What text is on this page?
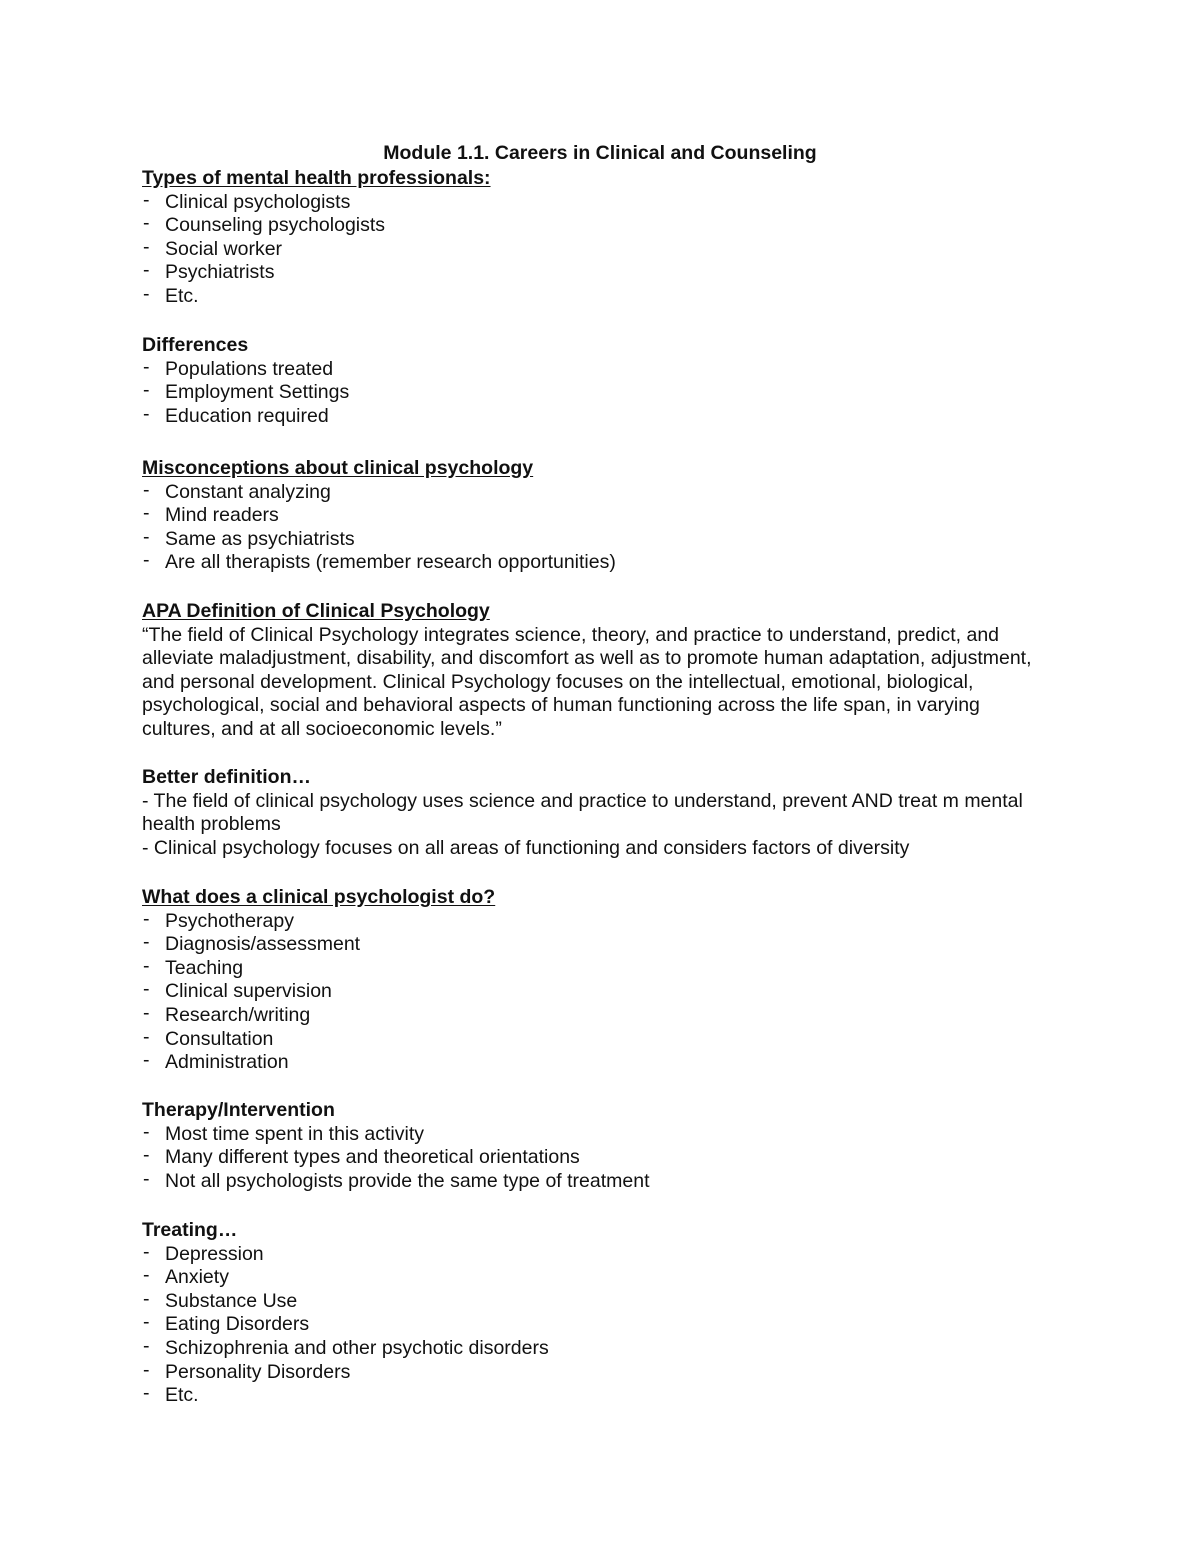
Module 1.1. Careers in Clinical and Counseling
Types of mental health professionals:
- Clinical psychologists
- Counseling psychologists
- Social worker
- Psychiatrists
- Etc.
Differences
- Populations treated
- Employment Settings
- Education required
Misconceptions about clinical psychology
- Constant analyzing
- Mind readers
- Same as psychiatrists
- Are all therapists (remember research opportunities)
APA Definition of Clinical Psychology

“The field of Clinical Psychology integrates science, theory, and practice to understand, predict, and alleviate maladjustment, disability, and discomfort as well as to promote human adaptation, adjustment, and personal development. Clinical Psychology focuses on the intellectual, emotional, biological, psychological, social and behavioral aspects of human functioning across the life span, in varying cultures, and at all socioeconomic levels.”

Better definition…

- The field of clinical psychology uses science and practice to understand, prevent AND treat m mental health problems

- Clinical psychology focuses on all areas of functioning and considers factors of diversity

What does a clinical psychologist do?
- Psychotherapy
- Diagnosis/assessment
- Teaching
- Clinical supervision
- Research/writing
- Consultation
- Administration
Therapy/Intervention
- Most time spent in this activity
- Many different types and theoretical orientations
- Not all psychologists provide the same type of treatment
Treating…
- Depression
- Anxiety
- Substance Use
- Eating Disorders
- Schizophrenia and other psychotic disorders
- Personality Disorders
- Etc.
